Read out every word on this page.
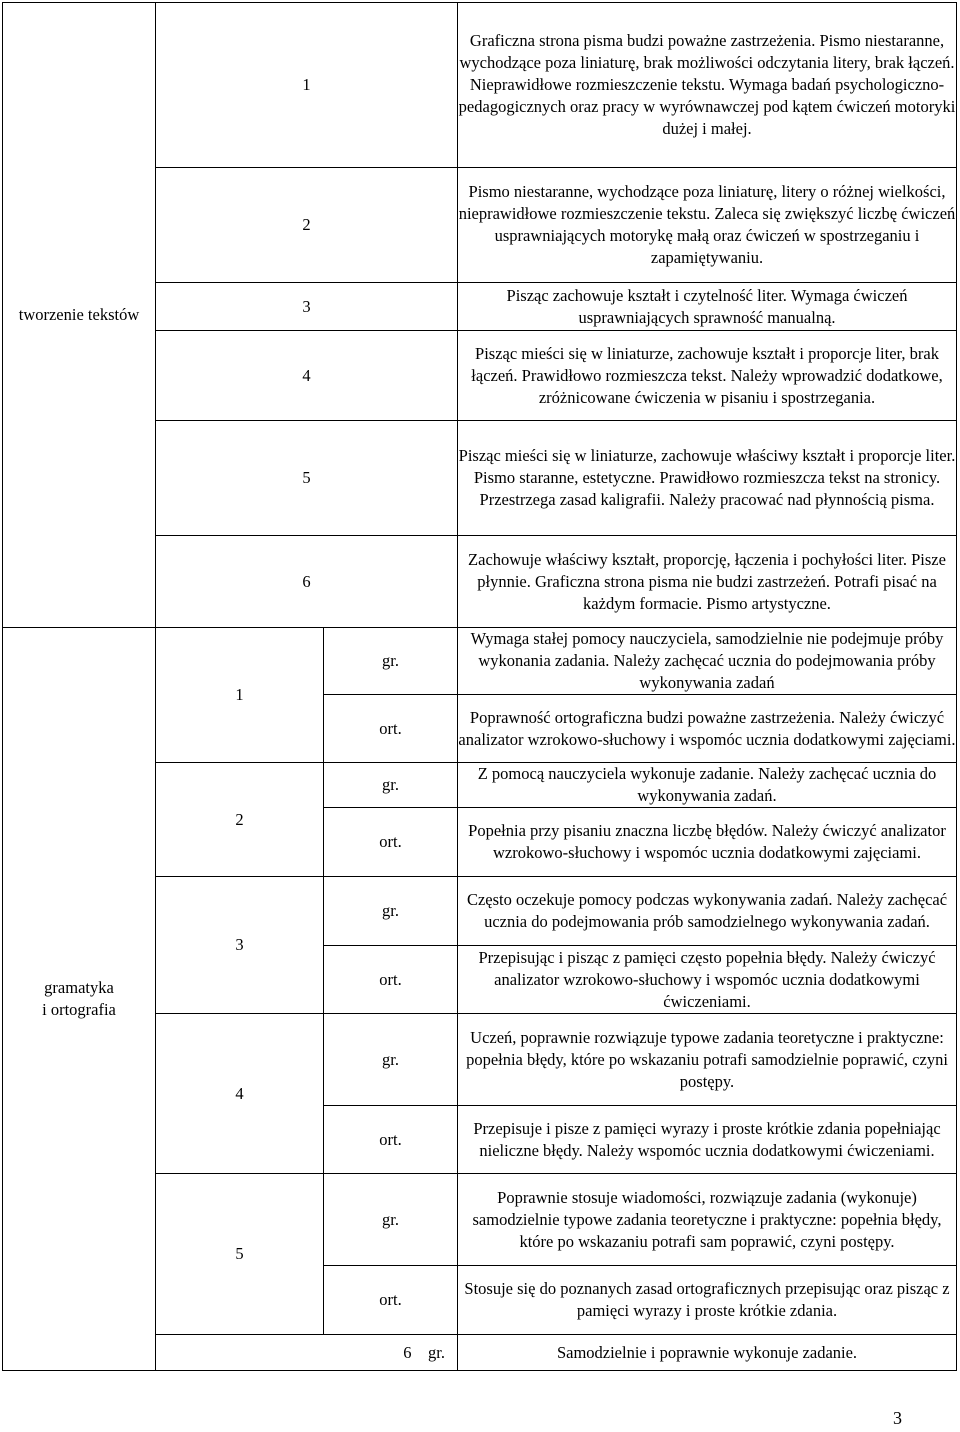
tworzenie tekstów	1		Graficzna strona pisma budzi poważne zastrzeżenia. Pismo niestaranne, wychodzące poza liniaturę, brak możliwości odczytania litery, brak łączeń. Nieprawidłowe rozmieszczenie tekstu. Wymaga badań psychologiczno-pedagogicznych oraz pracy w wyrównawczej pod kątem ćwiczeń motoryki dużej i małej.
	2		Pismo niestaranne, wychodzące poza liniaturę, litery o różnej wielkości, nieprawidłowe rozmieszczenie tekstu. Zaleca się zwiększyć liczbę ćwiczeń usprawniających motorykę małą oraz ćwiczeń w spostrzeganiu i zapamiętywaniu.
	3		Pisząc zachowuje kształt i czytelność liter. Wymaga ćwiczeń usprawniających sprawność manualną.
	4		Pisząc mieści się w liniaturze, zachowuje kształt i proporcje liter, brak łączeń. Prawidłowo rozmieszcza tekst. Należy wprowadzić dodatkowe, zróżnicowane ćwiczenia w pisaniu i spostrzegania.
	5		Pisząc mieści się w liniaturze, zachowuje właściwy kształt i proporcje liter. Pismo staranne, estetyczne. Prawidłowo rozmieszcza tekst na stronicy. Przestrzega zasad kaligrafii. Należy pracować nad płynnością pisma.
	6		Zachowuje właściwy kształt, proporcję, łączenia i pochyłości liter. Pisze płynnie. Graficzna strona pisma nie budzi zastrzeżeń. Potrafi pisać na każdym formacie. Pismo artystyczne.

gramatyka
i ortografia	1	gr.	Wymaga stałej pomocy nauczyciela, samodzielnie nie podejmuje próby wykonania zadania. Należy zachęcać ucznia do podejmowania próby wykonywania zadań
		ort.	Poprawność ortograficzna budzi poważne zastrzeżenia. Należy ćwiczyć analizator wzrokowo-słuchowy i wspomóc ucznia dodatkowymi zajęciami.
	2	gr.	Z pomocą nauczyciela wykonuje zadanie. Należy zachęcać ucznia do wykonywania zadań.
		ort.	Popełnia przy pisaniu znaczna liczbę błędów. Należy ćwiczyć analizator wzrokowo-słuchowy i wspomóc ucznia dodatkowymi zajęciami.
	3	gr.	Często oczekuje pomocy podczas wykonywania zadań. Należy zachęcać ucznia do podejmowania prób samodzielnego wykonywania zadań.
		ort.	Przepisując i pisząc z pamięci często popełnia błędy. Należy ćwiczyć analizator wzrokowo-słuchowy i wspomóc ucznia dodatkowymi ćwiczeniami.
	4	gr.	Uczeń, poprawnie rozwiązuje typowe zadania teoretyczne i praktyczne: popełnia błędy, które po wskazaniu potrafi samodzielnie poprawić, czyni postępy.
		ort.	Przepisuje i pisze z pamięci wyrazy i proste krótkie zdania popełniając nieliczne błędy. Należy wspomóc ucznia dodatkowymi ćwiczeniami.
	5	gr.	Poprawnie stosuje wiadomości, rozwiązuje zadania (wykonuje) samodzielnie typowe zadania teoretyczne i praktyczne: popełnia błędy, które po wskazaniu potrafi sam poprawić, czyni postępy.
		ort.	Stosuje się do poznanych zasad ortograficznych przepisując oraz pisząc z pamięci wyrazy i proste krótkie zdania.
	6 gr.		Samodzielnie i poprawnie wykonuje zadanie.
3
